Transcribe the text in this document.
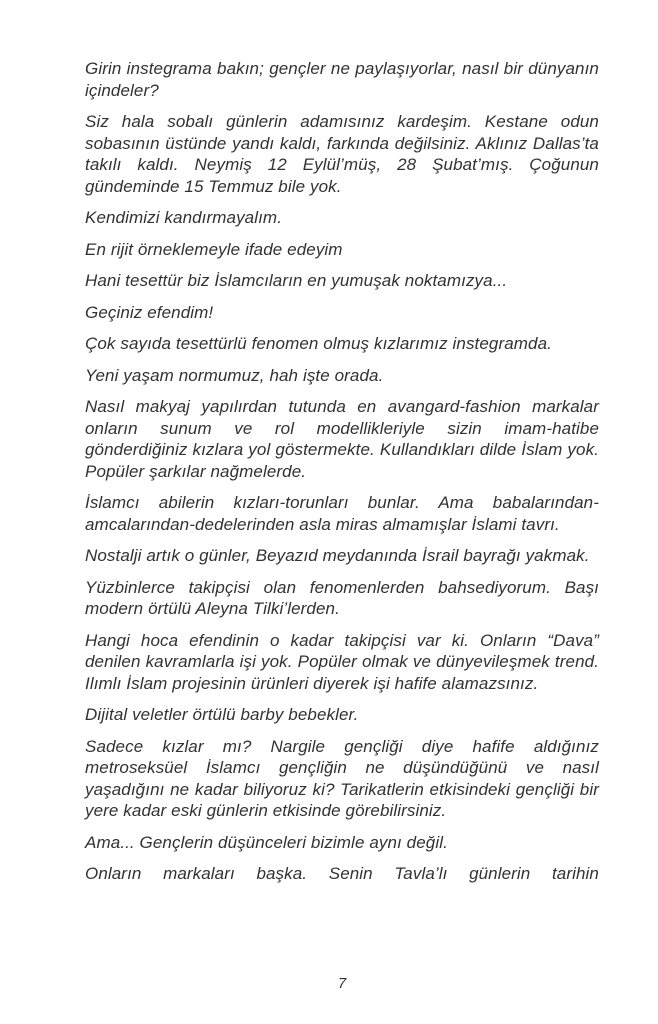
Girin instegrama bakın; gençler ne paylaşıyorlar, nasıl bir dünyanın içindeler?

Siz hala sobalı günlerin adamısınız kardeşim. Kestane odun sobasının üstünde yandı kaldı, farkında değilsiniz. Aklınız Dallas’ta takılı kaldı. Neymiş 12 Eylül’müş, 28 Şubat’mış. Çoğunun gündeminde 15 Temmuz bile yok.

Kendimizi kandırmayalım.

En rijit örneklemeyle ifade edeyim

Hani tesettür biz İslamcıların en yumuşak noktamızya...

Geçiniz efendim!

Çok sayıda tesettürlü fenomen olmuş kızlarımız instegramda.

Yeni yaşam normumuz, hah işte orada.

Nasıl makyaj yapılırdan tutunda en avangard-fashion markalar onların sunum ve rol modellikleriyle sizin imam-hatibe gönderdiğiniz kızlara yol göstermekte. Kullandıkları dilde İslam yok. Popüler şarkılar nağmelerde.

İslamcı abilerin kızları-torunları bunlar. Ama babalarından-amcalarından-dedelerinden asla miras almamışlar İslami tavrı.

Nostalji artık o günler, Beyazıd meydanında İsrail bayrağı yakmak.

Yüzbinlerce takipçisi olan fenomenlerden bahsediyorum. Başı modern örtülü Aleyna Tilki’lerden.

Hangi hoca efendinin o kadar takipçisi var ki. Onların “Dava” denilen kavramlarla işi yok. Popüler olmak ve dünyevileşmek trend. Ilımlı İslam projesinin ürünleri diyerek işi hafife alamazsınız.

Dijital veletler örtülü barby bebekler.

Sadece kızlar mı? Nargile gençliği diye hafife aldığınız metroseksüel İslamcı gençliğin ne düşündüğünü ve nasıl yaşadığını ne kadar biliyoruz ki? Tarikatlerin etkisindeki gençliği bir yere kadar eski günlerin etkisinde görebilirsiniz.

Ama... Gençlerin düşünceleri bizimle aynı değil.

Onların markaları başka. Senin Tavla’lı günlerin tarihin

7
